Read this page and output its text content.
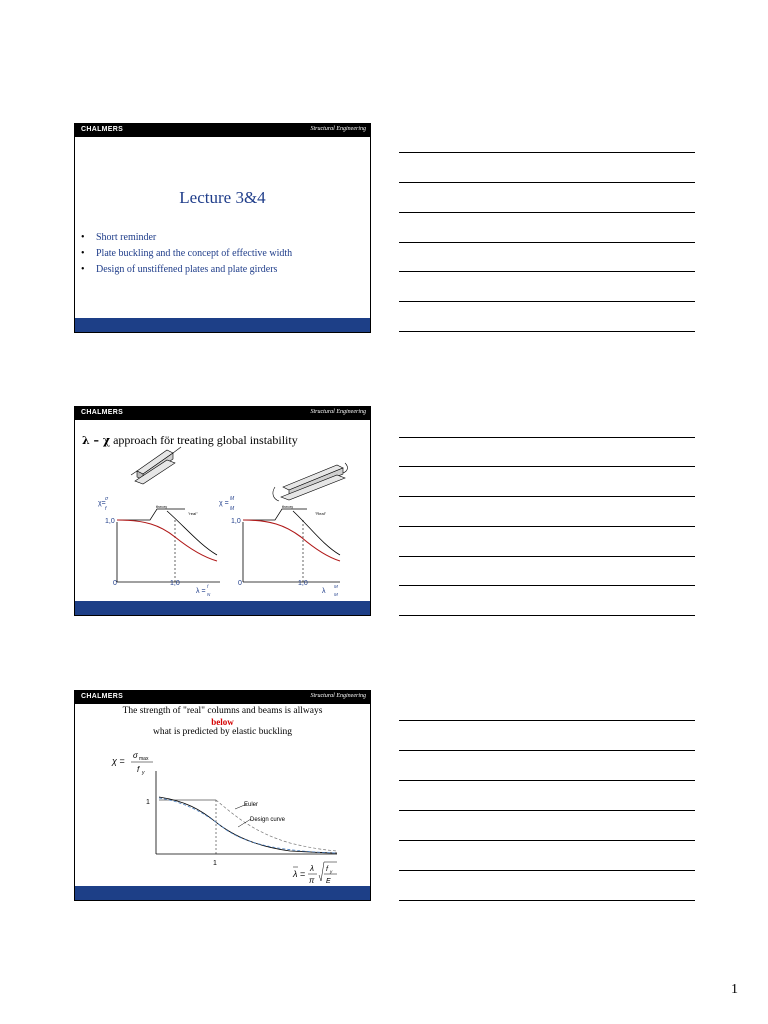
CHALMERS	Structural Engineering
Lecture 3&4
• Short reminder
• Plate buckling and the concept of effective width
• Design of unstiffened plates and plate girders
CHALMERS	Structural Engineering
λ – χ approach för treating global instability
χ=
σ
f
1,0
0	1,0
λ =
f
N
theory
"real"
χ =
M
M
1,0
0	1,0
λ
M
M
theory
"Real"
CHALMERS	Structural Engineering
The strength of "real" columns and beams is allways
below
what is predicted by elastic buckling
χ =
σ max
f y
1
1
Euler
Design curve
λ =
λ
π
f y
E
1
